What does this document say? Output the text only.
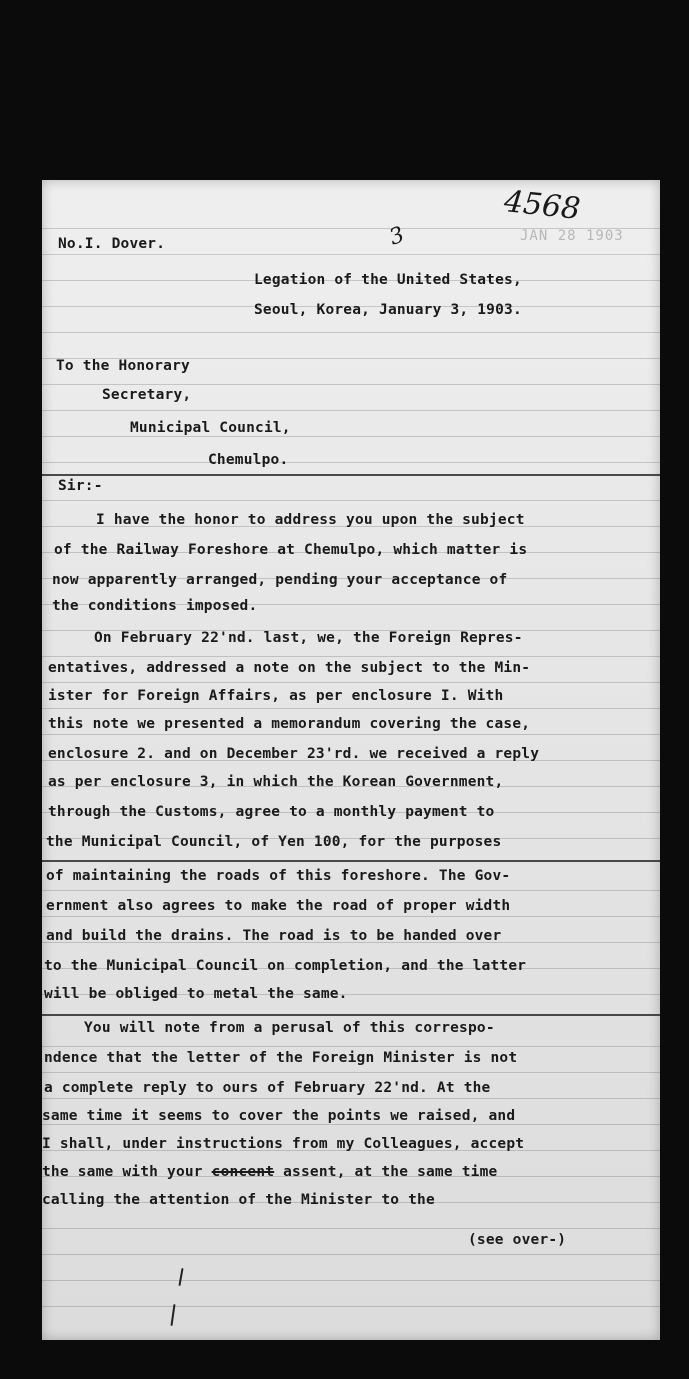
4568
JAN 28 1903
3
No.I. Dover.
Legation of the United States,
Seoul, Korea, January 3, 1903.
To the Honorary
Secretary,
Municipal Council,
Chemulpo.
Sir:-
I have the honor to address you upon the subject
of the Railway Foreshore at Chemulpo, which matter is
now apparently arranged, pending your acceptance of
the conditions imposed.
On February 22'nd. last, we, the Foreign Repres-
entatives, addressed a note on the subject to the Min-
ister for Foreign Affairs, as per enclosure I. With
this note we presented a memorandum covering the case,
enclosure 2. and on December 23'rd. we received a reply
as per enclosure 3, in which the Korean Government,
through the Customs, agree to a monthly payment to
the Municipal Council, of Yen 100, for the purposes
of maintaining the roads of this foreshore. The Gov-
ernment also agrees to make the road of proper width
and build the drains. The road is to be handed over
to the Municipal Council on completion, and the latter
will be obliged to metal the same.
You will note from a perusal of this correspo-
ndence that the letter of the Foreign Minister is not
a complete reply to ours of February 22'nd. At the
same time it seems to cover the points we raised, and
I shall, under instructions from my Colleagues, accept
the same with your concent assent, at the same time
calling the attention of the Minister to the
(see over-)
